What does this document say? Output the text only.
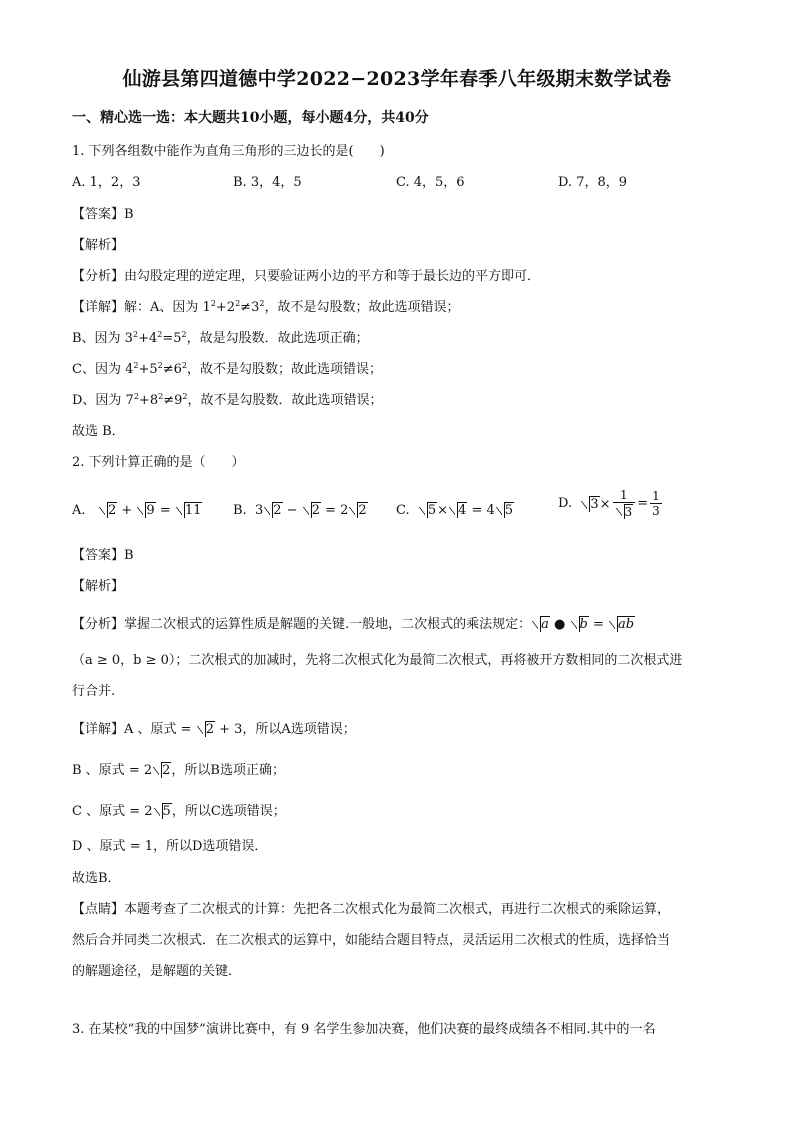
仙游县第四道德中学2022−2023学年春季八年级期末数学试卷
一、精心选一选：本大题共10小题，每小题4分，共40分
1. 下列各组数中能作为直角三角形的三边长的是(　　)
A. 1，2，3	B. 3，4，5	C. 4，5，6	D. 7，8，9
【答案】B
【解析】
【分析】由勾股定理的逆定理，只要验证两小边的平方和等于最长边的平方即可．
【详解】解：A、因为 $1^2+2^2\ne 3^2$，故不是勾股数；故此选项错误；
B、因为 $3^2+4^2=5^2$，故是勾股数．故此选项正确；
C、因为 $4^2+5^2\ne 6^2$，故不是勾股数；故此选项错误；
D、因为 $7^2+8^2\ne 9^2$，故不是勾股数．故此选项错误；
故选 B．
2. 下列计算正确的是（　　）
A. 2 + 9 = 11 B. 3 2 − 2 = 2 2 C. 5× 4 = 4 5	D. $3\times \frac{1}{3} = \frac{1}{3}$
【答案】B
【解析】
【分析】掌握二次根式的运算性质是解题的关键.一般地，二次根式的乘法规定： a ● b = ab
（a ≥ 0，b ≥ 0）；二次根式的加减时，先将二次根式化为最简二次根式，再将被开方数相同的二次根式进
行合并.
【详解】A 、原式 = 2 + 3，所以A选项错误；
B 、原式 = 2 2，所以B选项正确；
C 、原式 = 2 5，所以C选项错误；
D 、原式 = 1，所以D选项错误．
故选B．
【点睛】本题考查了二次根式的计算：先把各二次根式化为最简二次根式，再进行二次根式的乘除运算，
然后合并同类二次根式．在二次根式的运算中，如能结合题目特点，灵活运用二次根式的性质，选择恰当
的解题途径，是解题的关键.
3. 在某校“我的中国梦”演讲比赛中，有 9 名学生参加决赛，他们决赛的最终成绩各不相同.其中的一名
